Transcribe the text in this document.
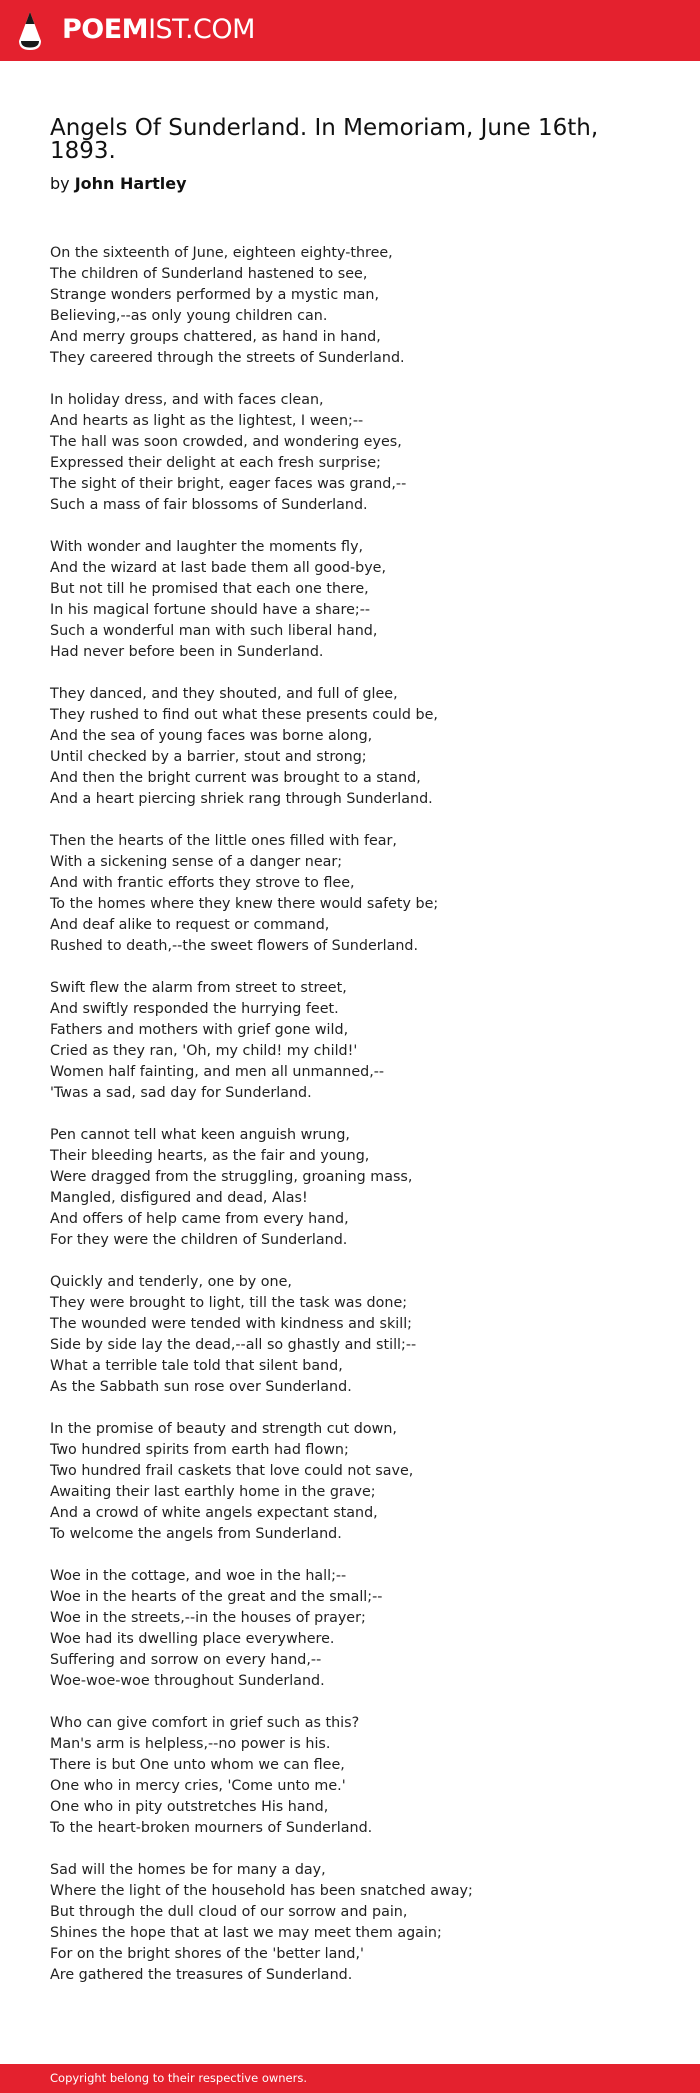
POEMIST.COM
Angels Of Sunderland. In Memoriam, June 16th, 1893.
by John Hartley
On the sixteenth of June, eighteen eighty-three,
The children of Sunderland hastened to see,
Strange wonders performed by a mystic man,
Believing,--as only young children can.
And merry groups chattered, as hand in hand,
They careered through the streets of Sunderland.
In holiday dress, and with faces clean,
And hearts as light as the lightest, I ween;--
The hall was soon crowded, and wondering eyes,
Expressed their delight at each fresh surprise;
The sight of their bright, eager faces was grand,--
Such a mass of fair blossoms of Sunderland.
With wonder and laughter the moments fly,
And the wizard at last bade them all good-bye,
But not till he promised that each one there,
In his magical fortune should have a share;--
Such a wonderful man with such liberal hand,
Had never before been in Sunderland.
They danced, and they shouted, and full of glee,
They rushed to find out what these presents could be,
And the sea of young faces was borne along,
Until checked by a barrier, stout and strong;
And then the bright current was brought to a stand,
And a heart piercing shriek rang through Sunderland.
Then the hearts of the little ones filled with fear,
With a sickening sense of a danger near;
And with frantic efforts they strove to flee,
To the homes where they knew there would safety be;
And deaf alike to request or command,
Rushed to death,--the sweet flowers of Sunderland.
Swift flew the alarm from street to street,
And swiftly responded the hurrying feet.
Fathers and mothers with grief gone wild,
Cried as they ran, 'Oh, my child! my child!'
Women half fainting, and men all unmanned,--
'Twas a sad, sad day for Sunderland.
Pen cannot tell what keen anguish wrung,
Their bleeding hearts, as the fair and young,
Were dragged from the struggling, groaning mass,
Mangled, disfigured and dead, Alas!
And offers of help came from every hand,
For they were the children of Sunderland.
Quickly and tenderly, one by one,
They were brought to light, till the task was done;
The wounded were tended with kindness and skill;
Side by side lay the dead,--all so ghastly and still;--
What a terrible tale told that silent band,
As the Sabbath sun rose over Sunderland.
In the promise of beauty and strength cut down,
Two hundred spirits from earth had flown;
Two hundred frail caskets that love could not save,
Awaiting their last earthly home in the grave;
And a crowd of white angels expectant stand,
To welcome the angels from Sunderland.
Woe in the cottage, and woe in the hall;--
Woe in the hearts of the great and the small;--
Woe in the streets,--in the houses of prayer;
Woe had its dwelling place everywhere.
Suffering and sorrow on every hand,--
Woe-woe-woe throughout Sunderland.
Who can give comfort in grief such as this?
Man's arm is helpless,--no power is his.
There is but One unto whom we can flee,
One who in mercy cries, 'Come unto me.'
One who in pity outstretches His hand,
To the heart-broken mourners of Sunderland.
Sad will the homes be for many a day,
Where the light of the household has been snatched away;
But through the dull cloud of our sorrow and pain,
Shines the hope that at last we may meet them again;
For on the bright shores of the 'better land,'
Are gathered the treasures of Sunderland.
Copyright belong to their respective owners.
